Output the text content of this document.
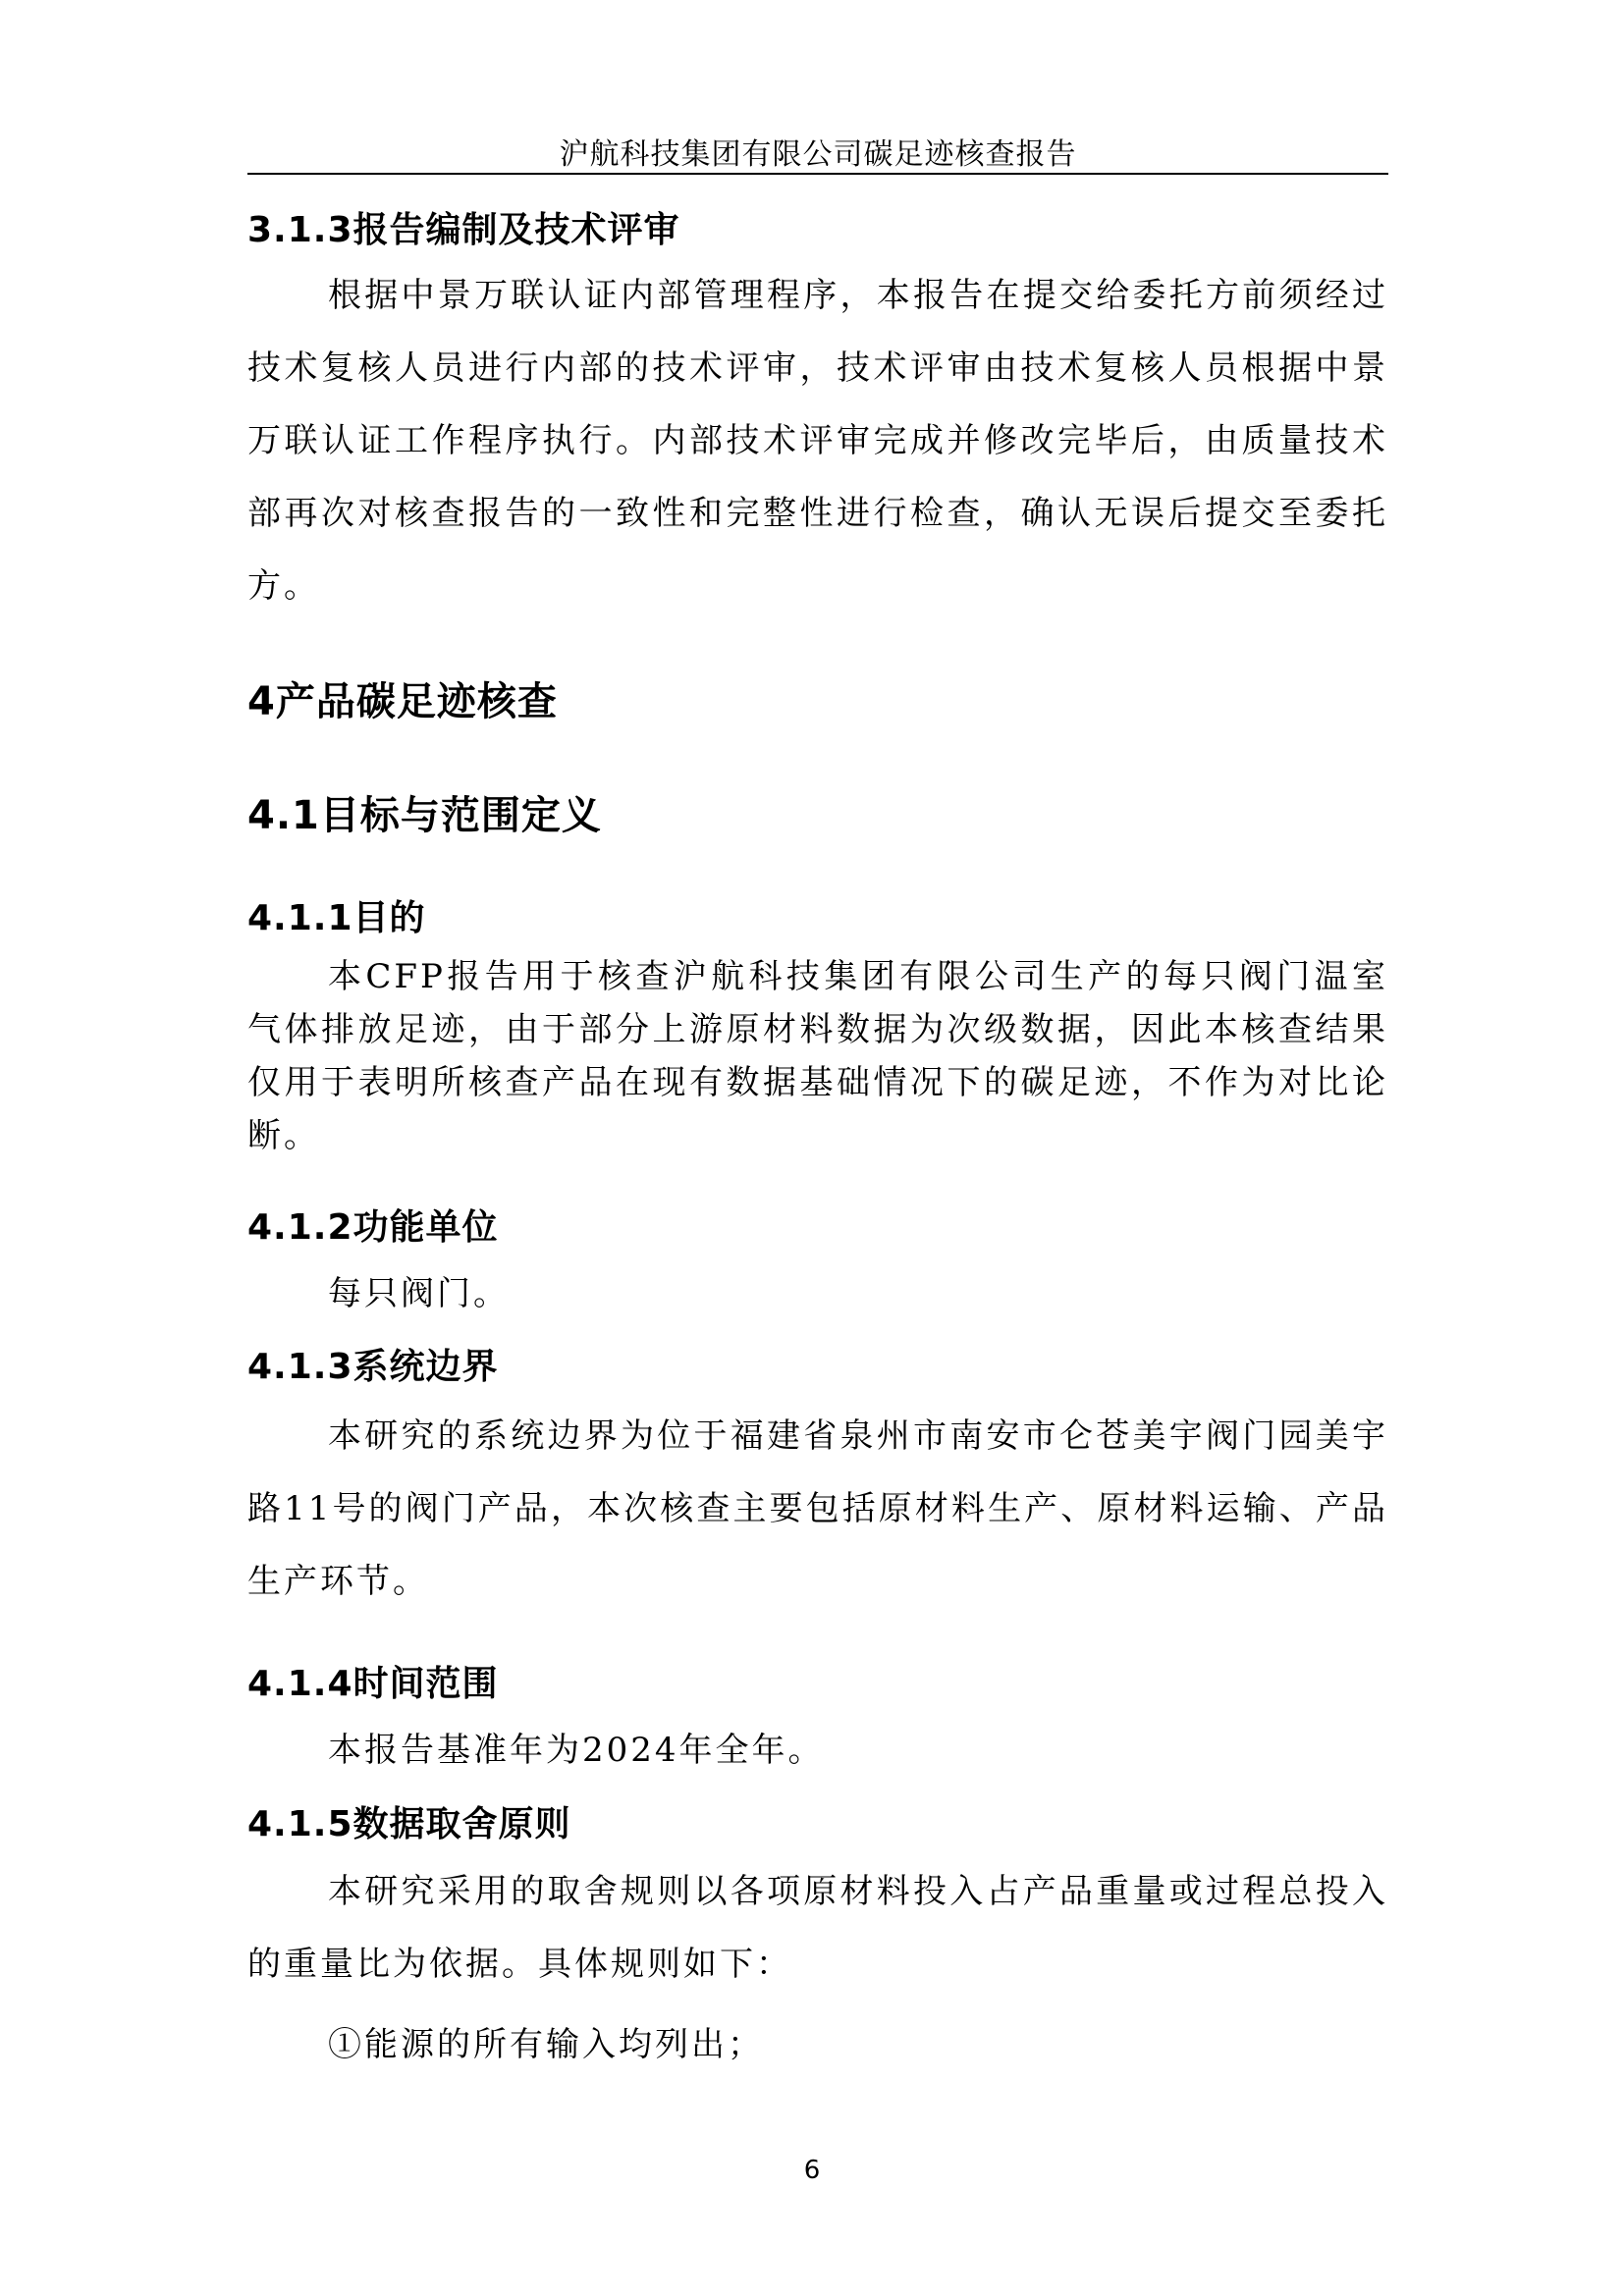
沪航科技集团有限公司碳足迹核查报告
3.1.3报告编制及技术评审

根据中景万联认证内部管理程序，本报告在提交给委托方前须经过技术复核人员进行内部的技术评审，技术评审由技术复核人员根据中景万联认证工作程序执行。内部技术评审完成并修改完毕后，由质量技术部再次对核查报告的一致性和完整性进行检查，确认无误后提交至委托方。

4产品碳足迹核查
4.1目标与范围定义
4.1.1目的

本CFP报告用于核查沪航科技集团有限公司生产的每只阀门温室气体排放足迹，由于部分上游原材料数据为次级数据，因此本核查结果仅用于表明所核查产品在现有数据基础情况下的碳足迹，不作为对比论断。

4.1.2功能单位

每只阀门。

4.1.3系统边界

本研究的系统边界为位于福建省泉州市南安市仑苍美宇阀门园美宇路11号的阀门产品，本次核查主要包括原材料生产、原材料运输、产品生产环节。

4.1.4时间范围

本报告基准年为2024年全年。

4.1.5数据取舍原则

本研究采用的取舍规则以各项原材料投入占产品重量或过程总投入的重量比为依据。具体规则如下：

①能源的所有输入均列出；

6
